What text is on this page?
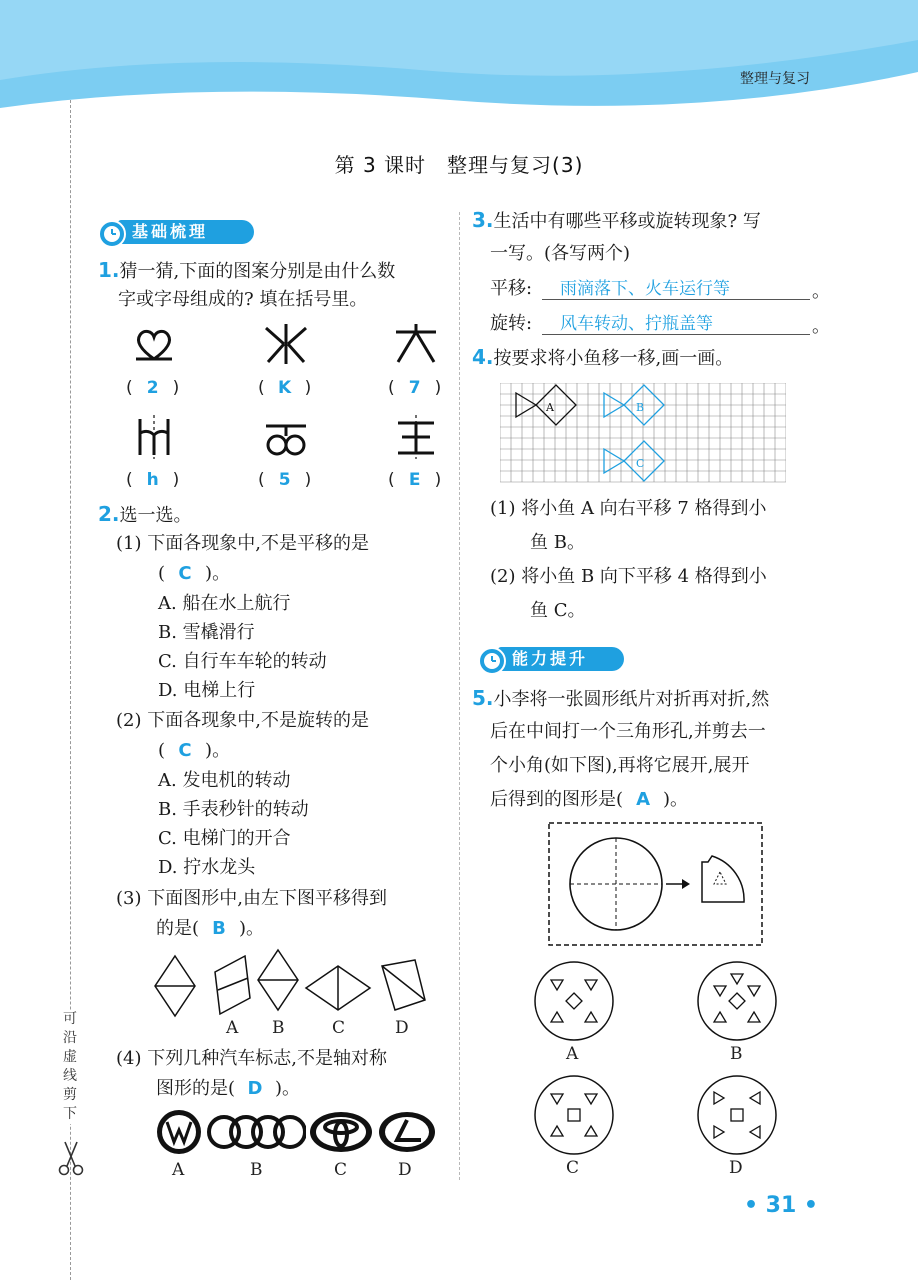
整理与复习
可
沿
虚
线
剪
下
第 3 课时　整理与复习(3)
基础梳理
1.猜一猜,下面的图案分别是由什么数
字或字母组成的? 填在括号里。
( 2 )	( K )	( 7 )
( h )	( 5 )	( E )
2.选一选。
(1) 下面各现象中,不是平移的是
( C )。
A. 船在水上航行
B. 雪橇滑行
C. 自行车车轮的转动
D. 电梯上行
(2) 下面各现象中,不是旋转的是
( C )。
A. 发电机的转动
B. 手表秒针的转动
C. 电梯门的开合
D. 拧水龙头
(3) 下面图形中,由左下图平移得到
的是( B )。
A B	C	D
(4) 下列几种汽车标志,不是轴对称
图形的是( D )。
A	B	C	D
3.生活中有哪些平移或旋转现象? 写
一写。(各写两个)
平移: 雨滴落下、火车运行等	。
旋转: 风车转动、拧瓶盖等	。
4.按要求将小鱼移一移,画一画。
A	B
C
(1) 将小鱼 A 向右平移 7 格得到小
鱼 B。
(2) 将小鱼 B 向下平移 4 格得到小
鱼 C。
能力提升
5.小李将一张圆形纸片对折再对折,然
后在中间打一个三角形孔,并剪去一
个小角(如下图),再将它展开,展开
后得到的图形是( A )。
A	B
C	D
• 31 •
